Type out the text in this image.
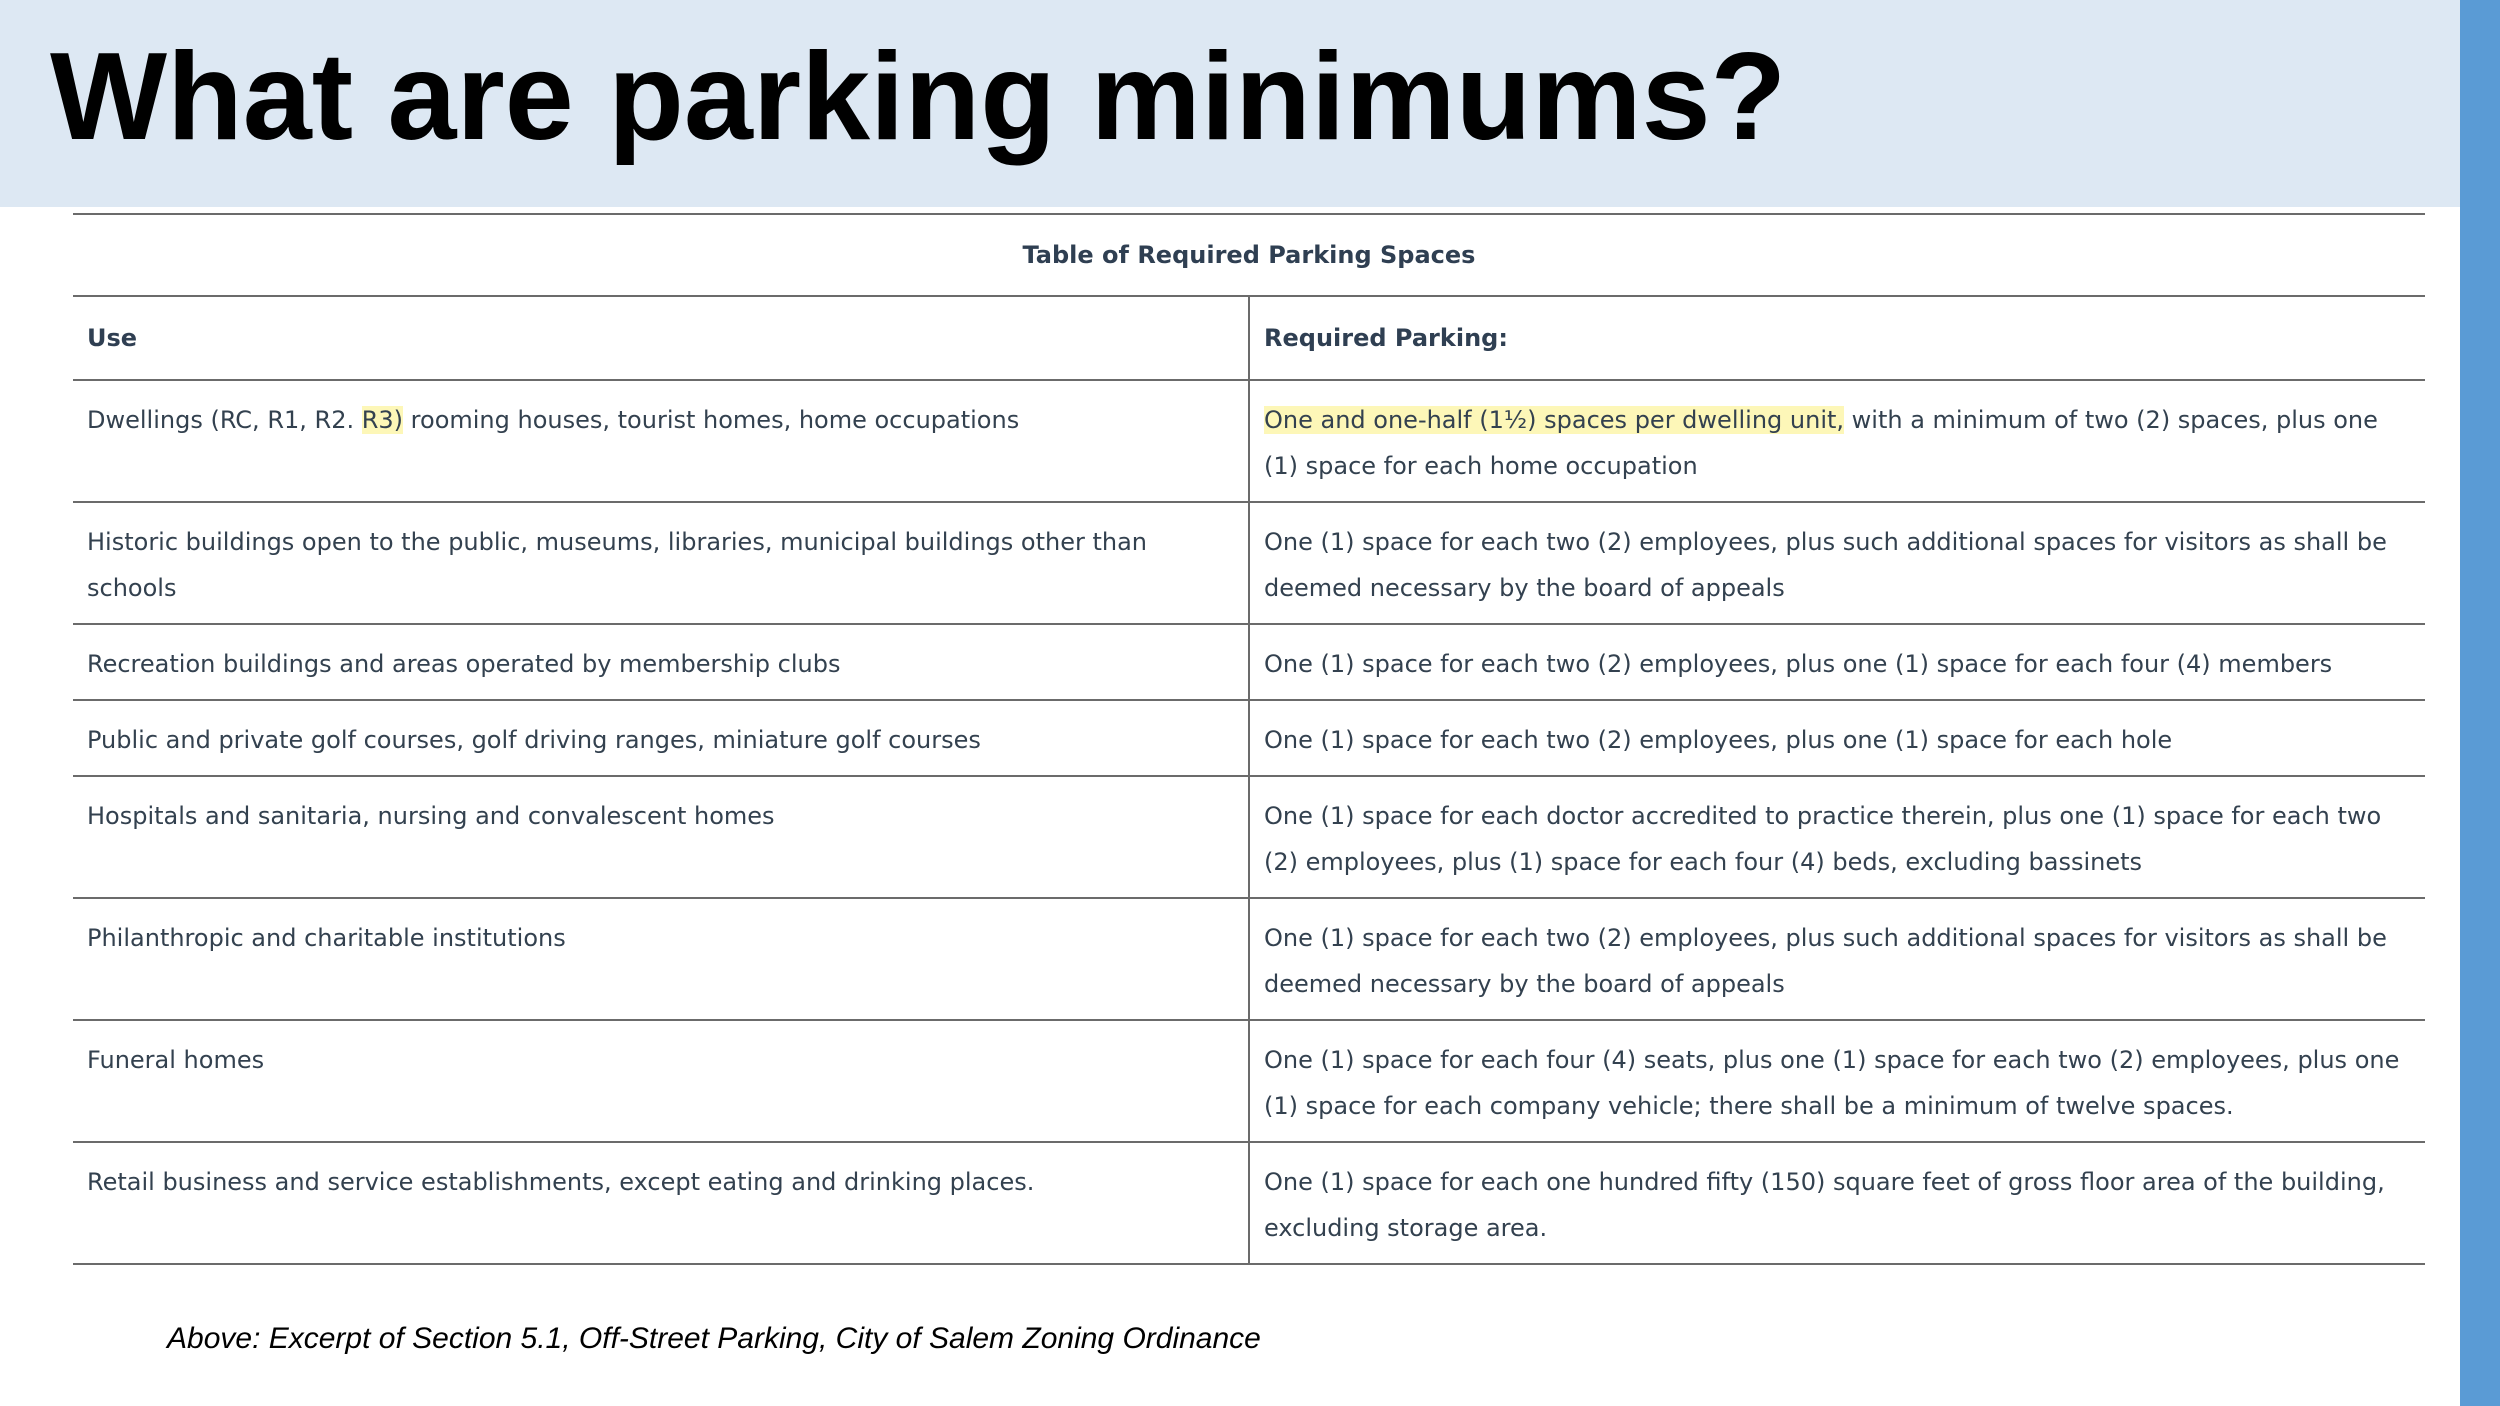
What are parking minimums?
Table of Required Parking Spaces	
Use	Required Parking:
Dwellings (RC, R1, R2. R3) rooming houses, tourist homes, home occupations	One and one-half (1½) spaces per dwelling unit, with a minimum of two (2) spaces, plus one (1) space for each home occupation
Historic buildings open to the public, museums, libraries, municipal buildings other than schools	One (1) space for each two (2) employees, plus such additional spaces for visitors as shall be deemed necessary by the board of appeals
Recreation buildings and areas operated by membership clubs	One (1) space for each two (2) employees, plus one (1) space for each four (4) members
Public and private golf courses, golf driving ranges, miniature golf courses	One (1) space for each two (2) employees, plus one (1) space for each hole
Hospitals and sanitaria, nursing and convalescent homes	One (1) space for each doctor accredited to practice therein, plus one (1) space for each two (2) employees, plus (1) space for each four (4) beds, excluding bassinets
Philanthropic and charitable institutions	One (1) space for each two (2) employees, plus such additional spaces for visitors as shall be deemed necessary by the board of appeals
Funeral homes	One (1) space for each four (4) seats, plus one (1) space for each two (2) employees, plus one (1) space for each company vehicle; there shall be a minimum of twelve spaces.
Retail business and service establishments, except eating and drinking places.	One (1) space for each one hundred fifty (150) square feet of gross floor area of the building, excluding storage area.

Above: Excerpt of Section 5.1, Off-Street Parking, City of Salem Zoning Ordinance
